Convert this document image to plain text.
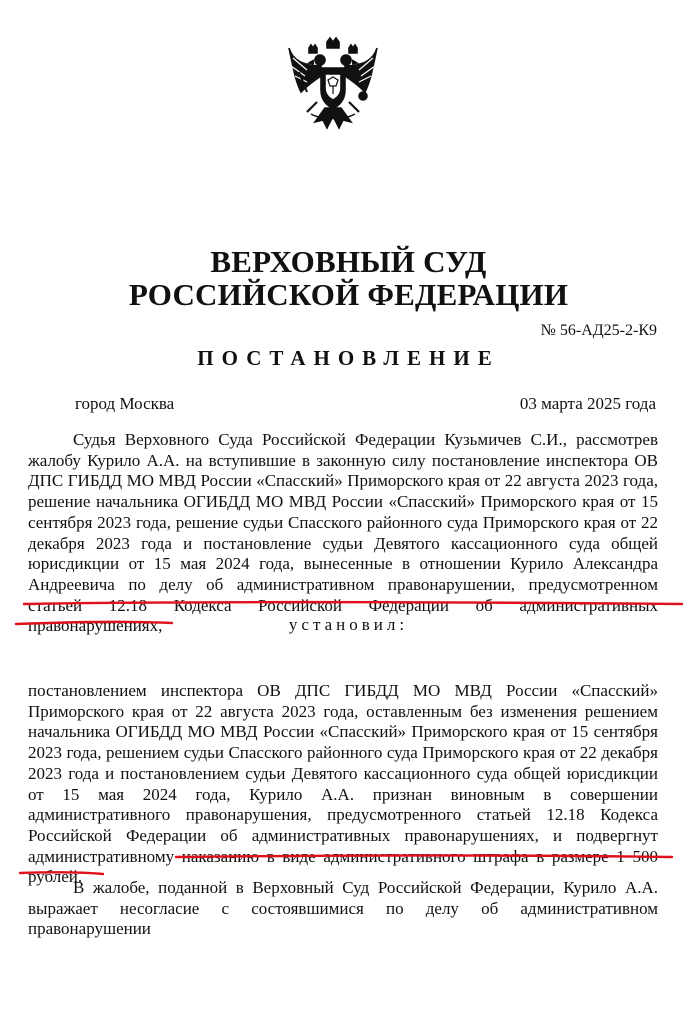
ВЕРХОВНЫЙ СУД
РОССИЙСКОЙ ФЕДЕРАЦИИ
№ 56-АД25-2-К9
ПОСТАНОВЛЕНИЕ
город Москва	03 марта 2025 года
Судья Верховного Суда Российской Федерации Кузьмичев С.И., рассмотрев жалобу Курило А.А. на вступившие в законную силу постановление инспектора ОВ ДПС ГИБДД МО МВД России «Спасский» Приморского края от 22 августа 2023 года, решение начальника ОГИБДД МО МВД России «Спасский» Приморского края от 15 сентября 2023 года, решение судьи Спасского районного суда Приморского края от 22 декабря 2023 года и постановление судьи Девятого кассационного суда общей юрисдикции от 15 мая 2024 года, вынесенные в отношении Курило Александра Андреевича по делу об административном правонарушении, предусмотренном статьей 12.18 Кодекса Российской Федерации об административных правонарушениях,	установил:
постановлением инспектора ОВ ДПС ГИБДД МО МВД России «Спасский» Приморского края от 22 августа 2023 года, оставленным без изменения решением начальника ОГИБДД МО МВД России «Спасский» Приморского края от 15 сентября 2023 года, решением судьи Спасского районного суда Приморского края от 22 декабря 2023 года и постановлением судьи Девятого кассационного суда общей юрисдикции от 15 мая 2024 года, Курило А.А. признан виновным в совершении административного правонарушения, предусмотренного статьей 12.18 Кодекса Российской Федерации об административных правонарушениях, и подвергнут административному наказанию в виде административного штрафа в размере 1 500 рублей.
В жалобе, поданной в Верховный Суд Российской Федерации, Курило А.А. выражает несогласие с состоявшимися по делу об административном правонарушении
